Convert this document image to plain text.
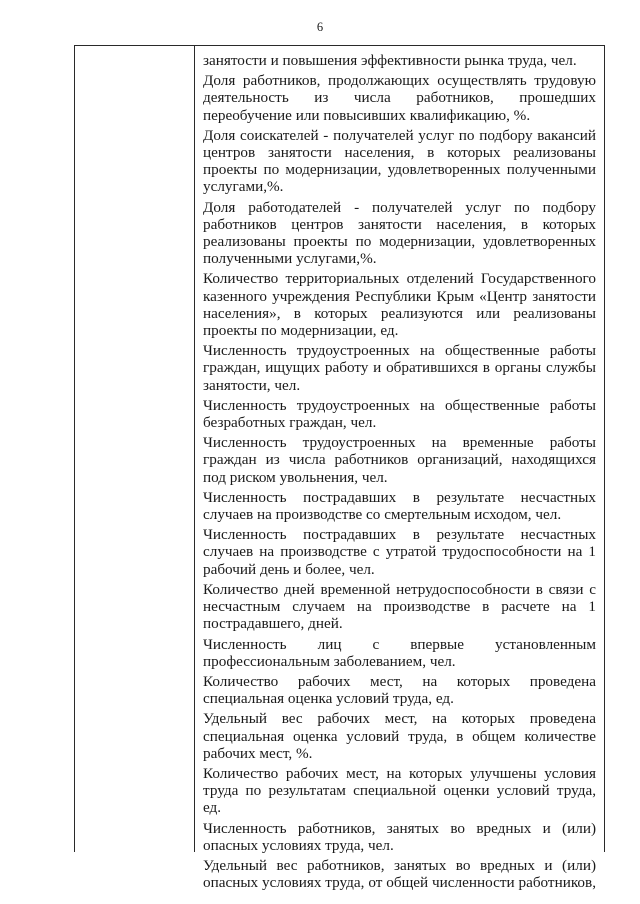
6

занятости и повышения эффективности рынка труда, чел.

Доля работников, продолжающих осуществлять трудовую деятельность из числа работников, прошедших переобучение или повысивших квалификацию, %.

Доля соискателей - получателей услуг по подбору вакансий центров занятости населения, в которых реализованы проекты по модернизации, удовлетворенных полученными услугами,%.

Доля работодателей - получателей услуг по подбору работников центров занятости населения, в которых реализованы проекты по модернизации, удовлетворенных полученными услугами,%.

Количество территориальных отделений Государственного казенного учреждения Республики Крым «Центр занятости населения», в которых реализуются или реализованы проекты по модернизации, ед.

Численность трудоустроенных на общественные работы граждан, ищущих работу и обратившихся в органы службы занятости, чел.

Численность трудоустроенных на общественные работы безработных граждан, чел.

Численность трудоустроенных на временные работы граждан из числа работников организаций, находящихся под риском увольнения, чел.

Численность пострадавших в результате несчастных случаев на производстве со смертельным исходом, чел.

Численность пострадавших в результате несчастных случаев на производстве с утратой трудоспособности на 1 рабочий день и более, чел.

Количество дней временной нетрудоспособности в связи с несчастным случаем на производстве в расчете на 1 пострадавшего, дней.

Численность лиц с впервые установленным профессиональным заболеванием, чел.

Количество рабочих мест, на которых проведена специальная оценка условий труда, ед.

Удельный вес рабочих мест, на которых проведена специальная оценка условий труда, в общем количестве рабочих мест, %.

Количество рабочих мест, на которых улучшены условия труда по результатам специальной оценки условий труда, ед.

Численность работников, занятых во вредных и (или) опасных условиях труда, чел.

Удельный вес работников, занятых во вредных и (или) опасных условиях труда, от общей численности работников,
